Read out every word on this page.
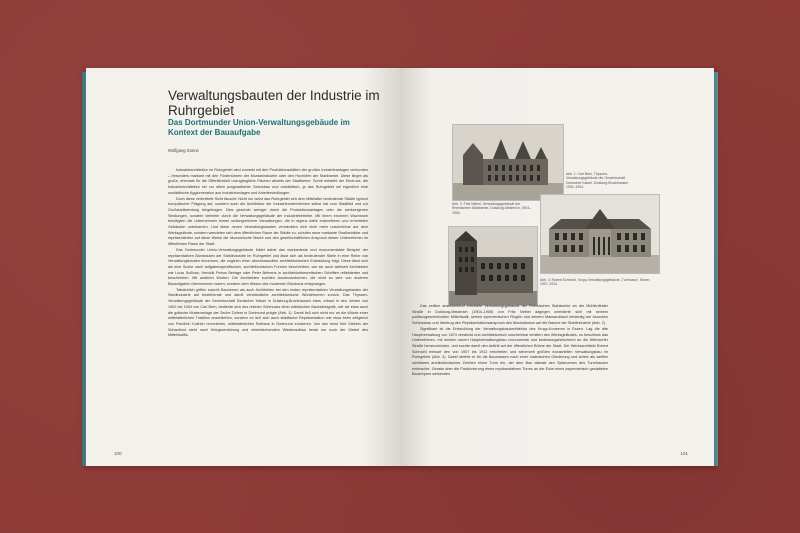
Verwaltungsbauten der Industrie im Ruhrgebiet
Das Dortmunder Union-Verwaltungsgebäude im Kontext der Bauaufgabe
Wolfgang Sonne

Industriearchitektur im Ruhrgebiet wird zumeist mit den Produktionsstätten der großen Industrieanlagen verbunden – besonders markant mit den Fördertürmen der Montanindustrie oder den Hochöfen der Stahlwerke. Diese liegen als große, ehemals für die Öffentlichkeit unzugängliche Flächen abseits der Stadtkerne. Somit entsteht der Eindruck, die Industriearchitektur sei vor allem pragmatischer Zweckbau und unstädtisch, ja das Ruhrgebiet sei eigentlich eine unstädtische Agglomeration aus Industrieanlagen und Arbeitersiedlungen.

Doch diese verbreitete Sicht täuscht: Nicht nur weist das Ruhrgebiet seit dem Mittelalter bedeutende Städte typisch europäischer Prägung auf, sondern auch die Architektur der Industrieunternehmen selbst hat zum Stadtbild und zur Großstadtwerdung beigetragen. Dies geschah weniger durch die Produktionsanlagen oder die werkseigenen Siedlungen, sondern vielmehr durch die Verwaltungsgebäude der Industriebetriebe. Mit ihrem enormen Wachstum benötigten die Unternehmen immer umfangreichere Verwaltungen, die in eigens dafür entworfenen und errichteten Gebäuden unterkamen. Und diese neuen Verwaltungsbauten versteckten sich nicht mehr unscheinbar auf dem Werksgelände, sondern wendeten sich dem öffentlichen Raum der Städte zu, schufen neue markante Straßenbilder und repräsentierten auf diese Weise die ökonomische Macht und den gesellschaftlichen Anspruch dieser Unternehmen im öffentlichen Raum der Stadt.

Das Dortmunder Union-Verwaltungsgebäude bildet dabei das markanteste und monumentalste Beispiel der repräsentativen Bürobauten der Stahlindustrie im Ruhrgebiet und lässt sich als bedeutender Stelle in eine Reihe von Verwaltungsbauten einordnen, die zugleich einer abschlussvollen architektonischen Entwicklung folgt. Diese lässt sich als eine Suche nach aufgabenspezifischen, architektonischen Formen beschreiben, wie sie auch weltweit Architekten wie Louis Sullivan, Hendrik Petrus Berlage oder Peter Behrens in architekturtheoretischen Schriften reflektierten und beschrieben. Mit anderen Worten: Die Architekten suchten Ausdrucksformen, die nicht so sehr von anderen Bauaufgaben übernommen waren, sondern dem Wesen des modernen Bürobaus entsprangen.

Tatsächlich griffen sowohl Bauherren als auch Architekten bei den ersten repräsentativen Verwaltungsbauten der Stahlindustrie auf bestehende und damit verständliche architektonische Würdeformen zurück. Das Thyssen-Verwaltungsgebäude der Gewerkschaft Deutscher Kaiser in Duisburg-Bruckhausen etwa, erbaut in den Jahren von 1902 bis 1904 von Carl Bern, bediente sich des reichen Schmucks einer märkischen Backsteingotik, wie sie etwa auch die gotische Musteranlage der Zeche Zollern in Dortmund prägte (Abb. 1). Damit ließ sich nicht nur an die Würde einer mittelalterlichen Tradition anschließen, sondern es ließ sich auch städtische Repräsentation wie etwa beim zeitgleich von Friedrich Kullrich renovierten, mittelalterlichen Rathaus in Dortmund evozieren. Von den einst fünf Giebeln der Schaufront steht nach Kriegszerstörung und vereinfachendem Wiederaufbau heute nur noch der Giebel des Mittelrisalits.

100
Abb. 1: Carl Bern, Thyssen-Verwaltungsgebäude der Gewerkschaft Deutscher Kaiser, Duisburg-Bruckhausen, 1902–1904.
Abb. 2: Fritz Neibel, Verwaltungsgebäude der Rheinischen Stahlwerke, Duisburg-Meiderich, 1904–1905.
Abb. 3: Robert Schmohl, Krupp-Verwaltungsgebäude „Turmhaus“, Essen, 1907–1912.

Das zeitlich anschließend errichtete Verwaltungsgebäude der Rheinischen Stahlwerke an der Mühlenfelder Straße in Duisburg-Meiderich (1904–1905) von Fritz Neibel dagegen orientierte sich mit seinem portikusgeschmückten Mittelrisalit, seinen symmetrischen Flügeln und seinem Mansarddach eindeutig am barocken Schlossbau und übertrug den Repräsentationsanspruch des Absolutismus auf die Barone der Stahlindustrie (Abb. 2).

Signifikant ist die Entwicklung der Verwaltungsbauarchitektur des Krupp-Konzerns in Essen. Lag die alte Hauptverwaltung von 1874 versteckt und architektonisch unscheinbar inmitten des Werksgeländes, so beschloss das Unternehmen, mit seinem neuen Hauptverwaltungsbau monumental und bedeutungsheischend an die Altendorfer Straße heranzurücken, und suchte damit den Auftritt auf der öffentlichen Bühne der Stadt. Der Werksarchitekt Robert Schmohl entwarf den von 1907 bis 1912 errichteten und seinerzeit größten industriellen Verwaltungsbau im Ruhrgebiet (Abb. 3). Dabei strebte er für die Baumassen nach einer malerischen Gliederung und setzte als weithin sichtbares architektonisches Zeichen einen Turm ein, der dem Bau alsbald den Spitznamen des Turmhauses einbrachte. Gerade aber die Positionierung eines repräsentativen Turms an der Ecke eines asymmetrisch gestalteten Baukörpers weisenden

101
